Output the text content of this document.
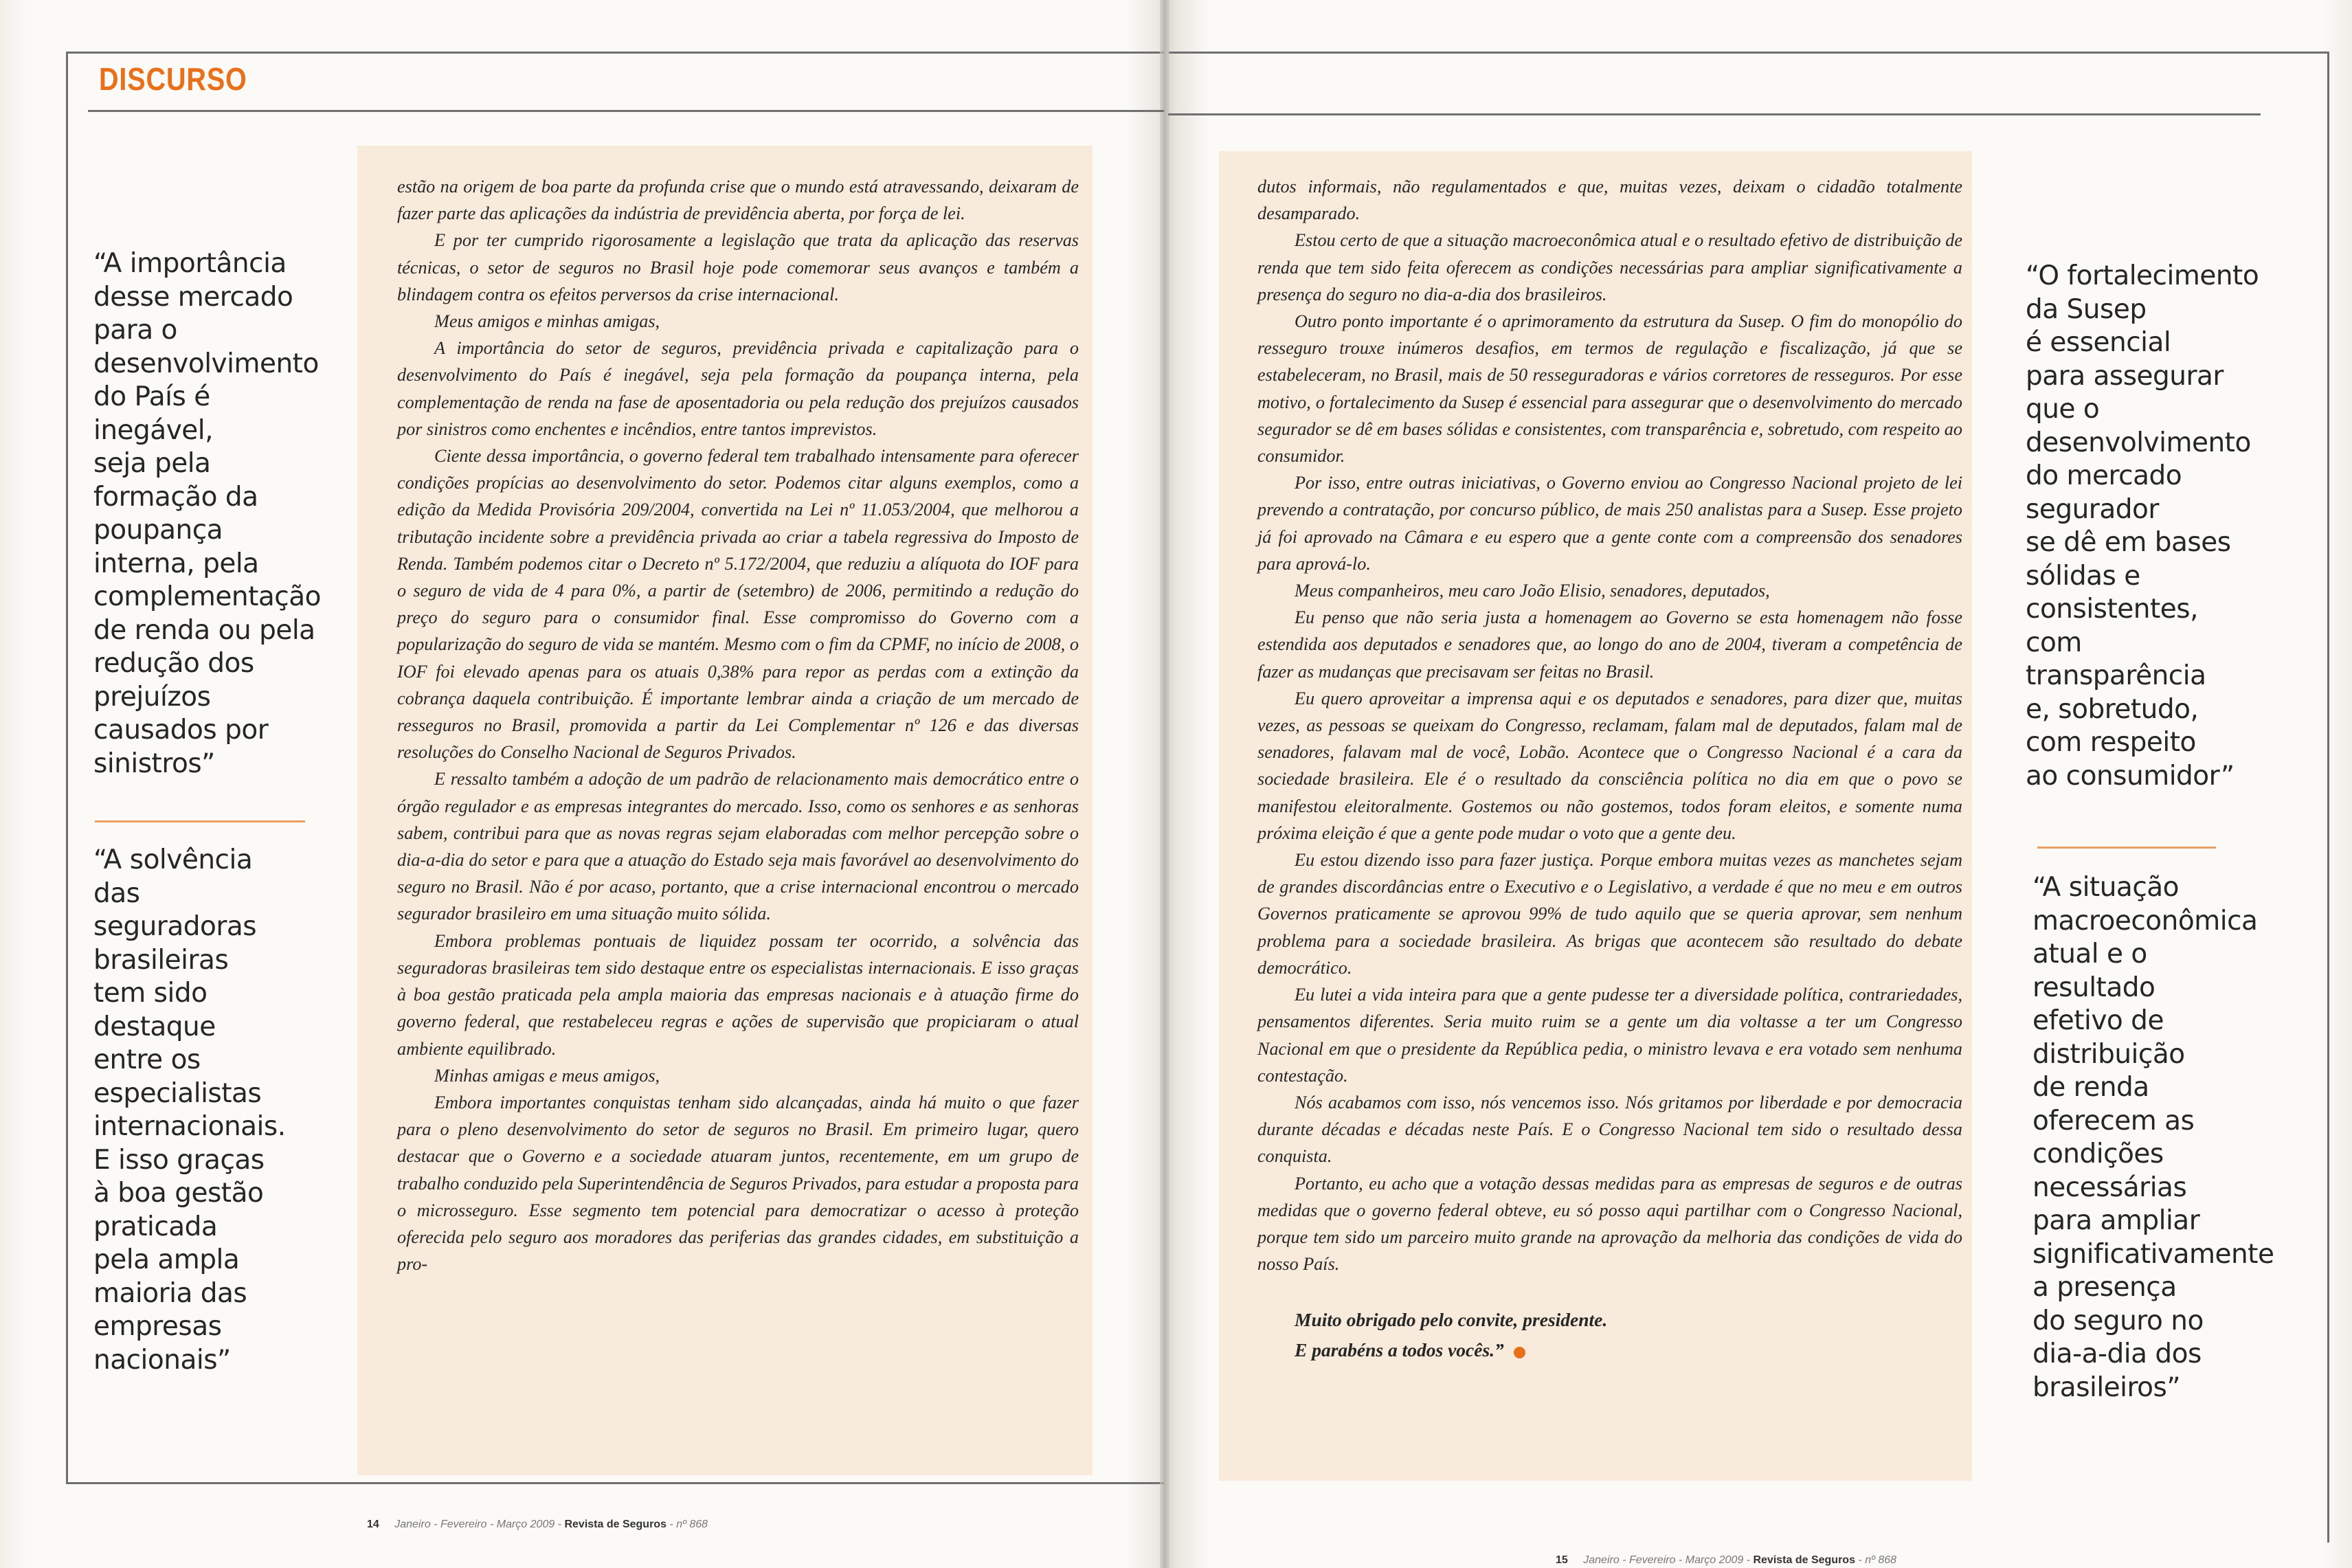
DISCURSO
“A importância
desse mercado
para o
desenvolvimento
do País é
inegável,
seja pela
formação da
poupança
interna, pela
complementação
de renda ou pela
redução dos
prejuízos
causados por
sinistros”
“A solvência
das
seguradoras
brasileiras
tem sido
destaque
entre os
especialistas
internacionais.
E isso graças
à boa gestão
praticada
pela ampla
maioria das
empresas
nacionais”
“O fortalecimento
da Susep
é essencial
para assegurar
que o
desenvolvimento
do mercado
segurador
se dê em bases
sólidas e
consistentes,
com
transparência
e, sobretudo,
com respeito
ao consumidor”
“A situação
macroeconômica
atual e o
resultado
efetivo de
distribuição
de renda
oferecem as
condições
necessárias
para ampliar
significativamente
a presença
do seguro no
dia-a-dia dos
brasileiros”

estão na origem de boa parte da profunda crise que o mundo está atravessando, deixaram de fazer parte das aplicações da indústria de previdência aberta, por força de lei.

E por ter cumprido rigorosamente a legislação que trata da aplicação das reservas técnicas, o setor de seguros no Brasil hoje pode comemorar seus avanços e também a blindagem contra os efeitos perversos da crise internacional.

Meus amigos e minhas amigas,

A importância do setor de seguros, previdência privada e capitalização para o desenvolvimento do País é inegável, seja pela formação da poupança interna, pela complementação de renda na fase de aposentadoria ou pela redução dos prejuízos causados por sinistros como enchentes e incêndios, entre tantos imprevistos.

Ciente dessa importância, o governo federal tem trabalhado intensamente para oferecer condições propícias ao desenvolvimento do setor. Podemos citar alguns exemplos, como a edição da Medida Provisória 209/2004, convertida na Lei nº 11.053/2004, que melhorou a tributação incidente sobre a previdência privada ao criar a tabela regressiva do Imposto de Renda. Também podemos citar o Decreto nº 5.172/2004, que reduziu a alíquota do IOF para o seguro de vida de 4 para 0%, a partir de (setembro) de 2006, permitindo a redução do preço do seguro para o consumidor final. Esse compromisso do Governo com a popularização do seguro de vida se mantém. Mesmo com o fim da CPMF, no início de 2008, o IOF foi elevado apenas para os atuais 0,38% para repor as perdas com a extinção da cobrança daquela contribuição. É importante lembrar ainda a criação de um mercado de resseguros no Brasil, promovida a partir da Lei Complementar nº 126 e das diversas resoluções do Conselho Nacional de Seguros Privados.

E ressalto também a adoção de um padrão de relacionamento mais democrático entre o órgão regulador e as empresas integrantes do mercado. Isso, como os senhores e as senhoras sabem, contribui para que as novas regras sejam elaboradas com melhor percepção sobre o dia-a-dia do setor e para que a atuação do Estado seja mais favorável ao desenvolvimento do seguro no Brasil. Não é por acaso, portanto, que a crise internacional encontrou o mercado segurador brasileiro em uma situação muito sólida.

Embora problemas pontuais de liquidez possam ter ocorrido, a solvência das seguradoras brasileiras tem sido destaque entre os especialistas internacionais. E isso graças à boa gestão praticada pela ampla maioria das empresas nacionais e à atuação firme do governo federal, que restabeleceu regras e ações de supervisão que propiciaram o atual ambiente equilibrado.

Minhas amigas e meus amigos,

Embora importantes conquistas tenham sido alcançadas, ainda há muito o que fazer para o pleno desenvolvimento do setor de seguros no Brasil. Em primeiro lugar, quero destacar que o Governo e a sociedade atuaram juntos, recentemente, em um grupo de trabalho conduzido pela Superintendência de Seguros Privados, para estudar a proposta para o microsseguro. Esse segmento tem potencial para democratizar o acesso à proteção oferecida pelo seguro aos moradores das periferias das grandes cidades, em substituição a pro-

dutos informais, não regulamentados e que, muitas vezes, deixam o cidadão totalmente desamparado.

Estou certo de que a situação macroeconômica atual e o resultado efetivo de distribuição de renda que tem sido feita oferecem as condições necessárias para ampliar significativamente a presença do seguro no dia-a-dia dos brasileiros.

Outro ponto importante é o aprimoramento da estrutura da Susep. O fim do monopólio do resseguro trouxe inúmeros desafios, em termos de regulação e fiscalização, já que se estabeleceram, no Brasil, mais de 50 resseguradoras e vários corretores de resseguros. Por esse motivo, o fortalecimento da Susep é essencial para assegurar que o desenvolvimento do mercado segurador se dê em bases sólidas e consistentes, com transparência e, sobretudo, com respeito ao consumidor.

Por isso, entre outras iniciativas, o Governo enviou ao Congresso Nacional projeto de lei prevendo a contratação, por concurso público, de mais 250 analistas para a Susep. Esse projeto já foi aprovado na Câmara e eu espero que a gente conte com a compreensão dos senadores para aprová-lo.

Meus companheiros, meu caro João Elisio, senadores, deputados,

Eu penso que não seria justa a homenagem ao Governo se esta homenagem não fosse estendida aos deputados e senadores que, ao longo do ano de 2004, tiveram a competência de fazer as mudanças que precisavam ser feitas no Brasil.

Eu quero aproveitar a imprensa aqui e os deputados e senadores, para dizer que, muitas vezes, as pessoas se queixam do Congresso, reclamam, falam mal de deputados, falam mal de senadores, falavam mal de você, Lobão. Acontece que o Congresso Nacional é a cara da sociedade brasileira. Ele é o resultado da consciência política no dia em que o povo se manifestou eleitoralmente. Gostemos ou não gostemos, todos foram eleitos, e somente numa próxima eleição é que a gente pode mudar o voto que a gente deu.

Eu estou dizendo isso para fazer justiça. Porque embora muitas vezes as manchetes sejam de grandes discordâncias entre o Executivo e o Legislativo, a verdade é que no meu e em outros Governos praticamente se aprovou 99% de tudo aquilo que se queria aprovar, sem nenhum problema para a sociedade brasileira. As brigas que acontecem são resultado do debate democrático.

Eu lutei a vida inteira para que a gente pudesse ter a diversidade política, contrariedades, pensamentos diferentes. Seria muito ruim se a gente um dia voltasse a ter um Congresso Nacional em que o presidente da República pedia, o ministro levava e era votado sem nenhuma contestação.

Nós acabamos com isso, nós vencemos isso. Nós gritamos por liberdade e por democracia durante décadas e décadas neste País. E o Congresso Nacional tem sido o resultado dessa conquista.

Portanto, eu acho que a votação dessas medidas para as empresas de seguros e de outras medidas que o governo federal obteve, eu só posso aqui partilhar com o Congresso Nacional, porque tem sido um parceiro muito grande na aprovação da melhoria das condições de vida do nosso País.

Muito obrigado pelo convite, presidente.
E parabéns a todos vocês.”

14 Janeiro - Fevereiro - Março 2009 - Revista de Seguros - nº 868
15 Janeiro - Fevereiro - Março 2009 - Revista de Seguros - nº 868
